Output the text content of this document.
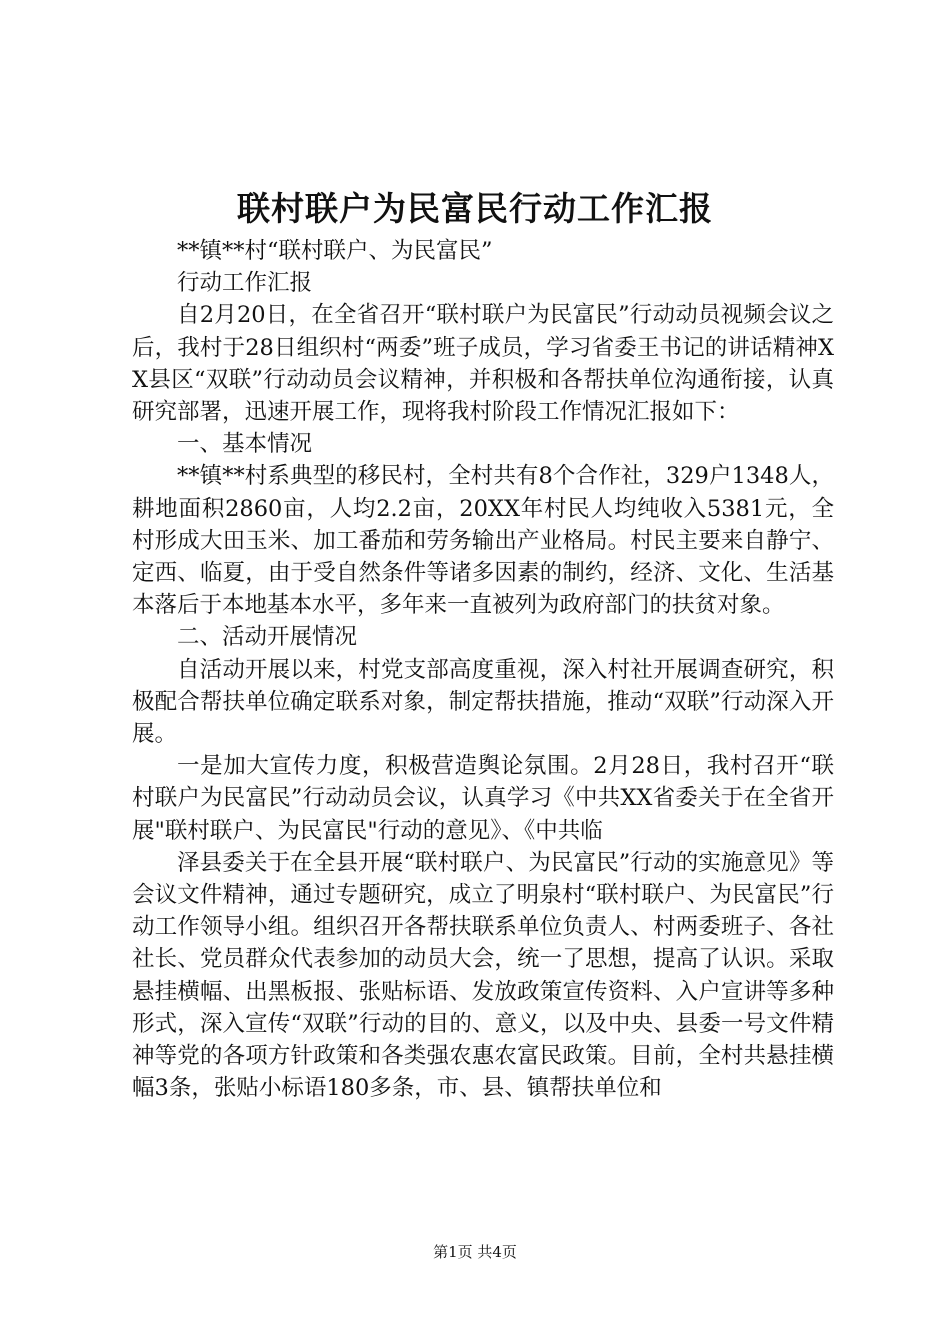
联村联户为民富民行动工作汇报

**镇**村“联村联户、为民富民”

行动工作汇报

自2月20日，在全省召开“联村联户为民富民”行动动员视频会议之后，我村于28日组织村“两委”班子成员，学习省委王书记的讲话精神XX县区“双联”行动动员会议精神，并积极和各帮扶单位沟通衔接，认真研究部署，迅速开展工作，现将我村阶段工作情况汇报如下：

一、基本情况

**镇**村系典型的移民村，全村共有8个合作社，329户1348人，耕地面积2860亩，人均2.2亩，20XX年村民人均纯收入5381元，全村形成大田玉米、加工番茄和劳务输出产业格局。村民主要来自静宁、定西、临夏，由于受自然条件等诸多因素的制约，经济、文化、生活基本落后于本地基本水平，多年来一直被列为政府部门的扶贫对象。

二、活动开展情况

自活动开展以来，村党支部高度重视，深入村社开展调查研究，积极配合帮扶单位确定联系对象，制定帮扶措施，推动“双联”行动深入开展。

一是加大宣传力度，积极营造舆论氛围。2月28日，我村召开“联村联户为民富民”行动动员会议，认真学习《中共XX省委关于在全省开展"联村联户、为民富民"行动的意见》、《中共临

泽县委关于在全县开展“联村联户、为民富民”行动的实施意见》等会议文件精神，通过专题研究，成立了明泉村“联村联户、为民富民”行动工作领导小组。组织召开各帮扶联系单位负责人、村两委班子、各社社长、党员群众代表参加的动员大会，统一了思想，提高了认识。采取悬挂横幅、出黑板报、张贴标语、发放政策宣传资料、入户宣讲等多种形式，深入宣传“双联”行动的目的、意义，以及中央、县委一号文件精神等党的各项方针政策和各类强农惠农富民政策。目前，全村共悬挂横幅3条，张贴小标语180多条，市、县、镇帮扶单位和

第1页 共4页
